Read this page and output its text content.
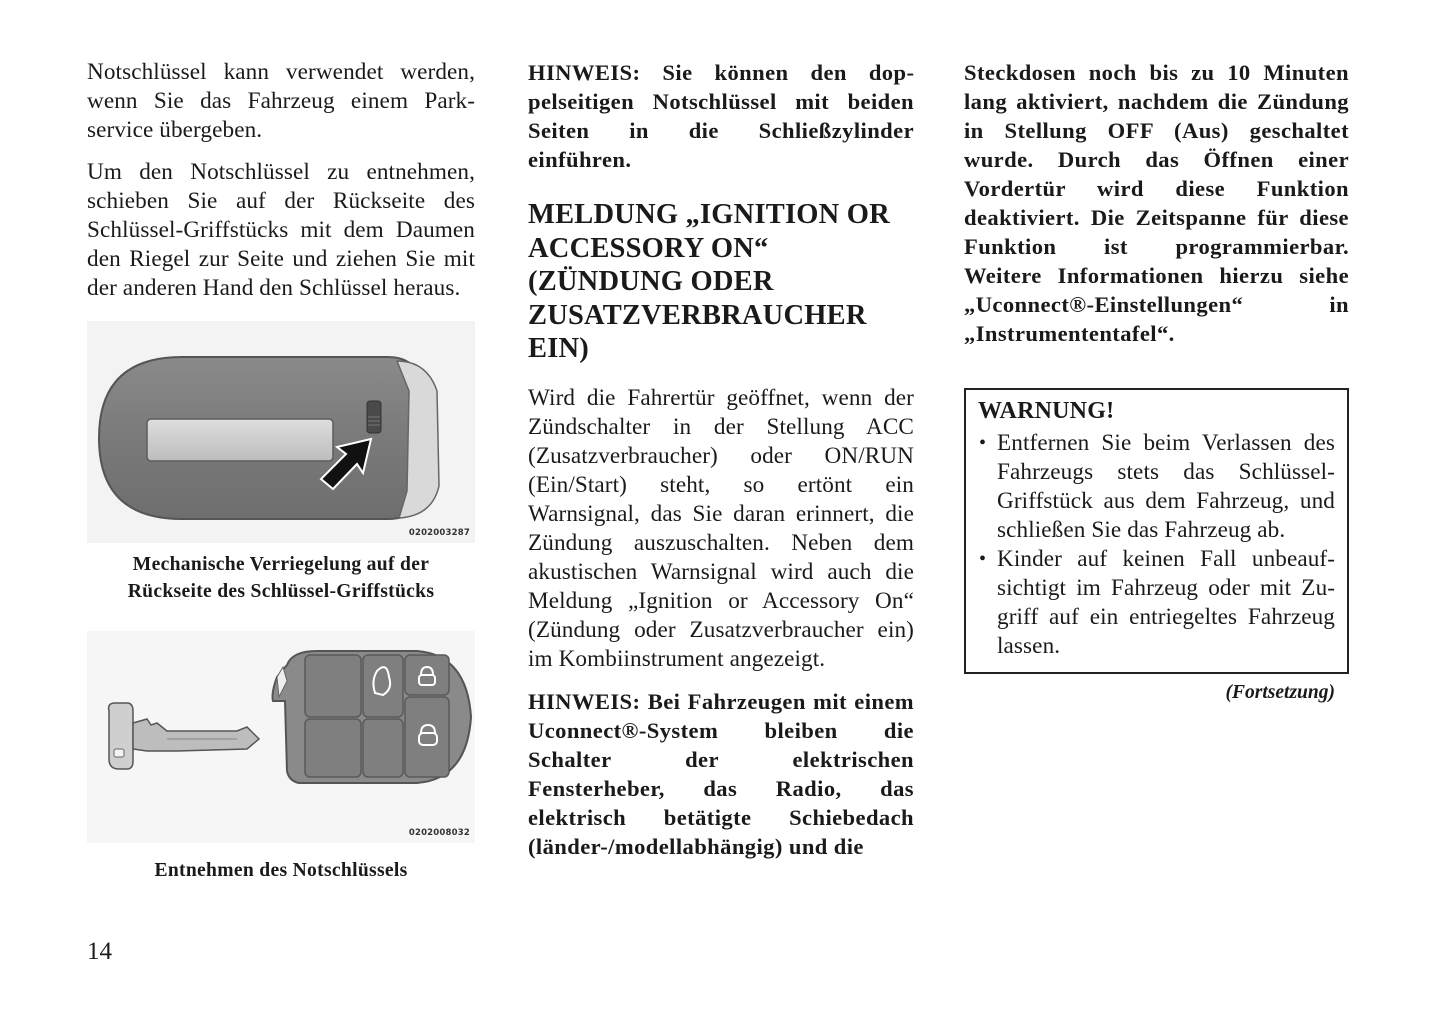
Notschlüssel kann verwendet werden, wenn Sie das Fahrzeug einem Parkservice übergeben.

Um den Notschlüssel zu entnehmen, schieben Sie auf der Rückseite des Schlüssel-Griffstücks mit dem Daumen den Riegel zur Seite und ziehen Sie mit der anderen Hand den Schlüssel heraus.

0202003287
Mechanische Verriegelung auf der
Rückseite des Schlüssel-Griffstücks
0202008032
Entnehmen des Notschlüssels

HINWEIS: Sie können den doppelseitigen Notschlüssel mit beiden Seiten in die Schließzylinder einführen.

MELDUNG „IGNITION OR
ACCESSORY ON“
(ZÜNDUNG ODER
ZUSATZVERBRAUCHER
EIN)

Wird die Fahrertür geöffnet, wenn der Zündschalter in der Stellung ACC (Zusatzverbraucher) oder ON/RUN (Ein/Start) steht, so ertönt ein Warnsignal, das Sie daran erinnert, die Zündung auszuschalten. Neben dem akustischen Warnsignal wird auch die Meldung „Ignition or Accessory On“ (Zündung oder Zusatzverbraucher ein) im Kombiinstrument angezeigt.

HINWEIS: Bei Fahrzeugen mit einem Uconnect®-System bleiben die Schalter der elektrischen Fensterheber, das Radio, das elektrisch betätigte Schiebedach (länder-/modellabhängig) und die

Steckdosen noch bis zu 10 Minuten lang aktiviert, nachdem die Zündung in Stellung OFF (Aus) geschaltet wurde. Durch das Öffnen einer Vordertür wird diese Funktion deaktiviert. Die Zeitspanne für diese Funktion ist programmierbar. Weitere Informationen hierzu siehe „Uconnect®-Einstellungen“ in „Instrumententafel“.

WARNUNG!
• Entfernen Sie beim Verlassen des Fahrzeugs stets das Schlüssel-Griffstück aus dem Fahrzeug, und schließen Sie das Fahrzeug ab.
• Kinder auf keinen Fall unbeaufsichtigt im Fahrzeug oder mit Zugriff auf ein entriegeltes Fahrzeug lassen.
(Fortsetzung)
14
